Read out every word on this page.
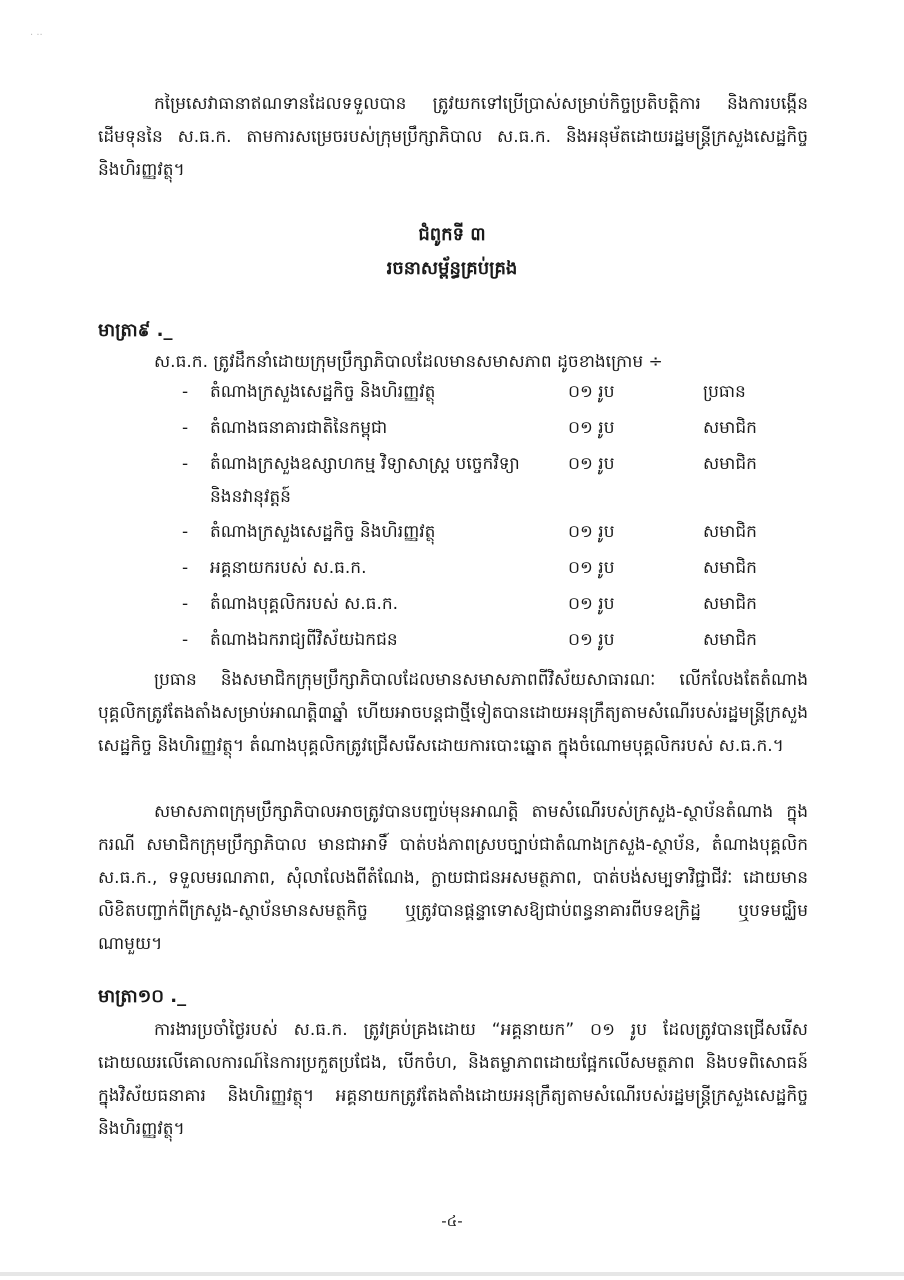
· ··

កម្រៃសេវាធានាឥណទានដែលទទួលបាន ត្រូវយកទៅប្រើប្រាស់សម្រាប់កិច្ចប្រតិបត្តិការ និងការបង្កើនដើមទុននៃ ស.ធ.ក. តាមការសម្រេចរបស់ក្រុមប្រឹក្សាភិបាល ស.ធ.ក. និងអនុម័តដោយរដ្ឋមន្ត្រីក្រសួងសេដ្ឋកិច្ច និងហិរញ្ញវត្ថុ។

ជំពូកទី ៣

រចនាសម្ព័ន្ធគ្រប់គ្រង

មាត្រា៩ ._

ស.ធ.ក. ត្រូវដឹកនាំដោយក្រុមប្រឹក្សាភិបាលដែលមានសមាសភាព ដូចខាងក្រោម ÷

- តំណាងក្រសួងសេដ្ឋកិច្ច និងហិរញ្ញវត្ថុ	០១ រូប	ប្រធាន
- តំណាងធនាគារជាតិនៃកម្ពុជា	០១ រូប	សមាជិក
- តំណាងក្រសួងឧស្សាហកម្ម វិទ្យាសាស្ត្រ បច្ចេកវិទ្យា និងនវានុវត្តន៍
០១ រូប	សមាជិក
- តំណាងក្រសួងសេដ្ឋកិច្ច និងហិរញ្ញវត្ថុ	០១ រូប	សមាជិក
- អគ្គនាយករបស់ ស.ធ.ក.	០១ រូប	សមាជិក
- តំណាងបុគ្គលិករបស់ ស.ធ.ក.	០១ រូប	សមាជិក
- តំណាងឯករាជ្យពីវិស័យឯកជន	០១ រូប	សមាជិក

ប្រធាន និងសមាជិកក្រុមប្រឹក្សាភិបាលដែលមានសមាសភាពពីវិស័យសាធារណៈ លើកលែងតែតំណាងបុគ្គលិកត្រូវតែងតាំងសម្រាប់អាណត្តិ៣ឆ្នាំ ហើយអាចបន្តជាថ្មីទៀតបានដោយអនុក្រឹត្យតាមសំណើរបស់រដ្ឋមន្ត្រីក្រសួងសេដ្ឋកិច្ច និងហិរញ្ញវត្ថុ។ តំណាងបុគ្គលិកត្រូវជ្រើសរើសដោយការបោះឆ្នោត ក្នុងចំណោមបុគ្គលិករបស់ ស.ធ.ក.។

សមាសភាពក្រុមប្រឹក្សាភិបាលអាចត្រូវបានបញ្ចប់មុនអាណត្តិ តាមសំណើរបស់ក្រសួង-ស្ថាប័នតំណាង ក្នុងករណី សមាជិកក្រុមប្រឹក្សាភិបាល មានជាអាទិ៍ បាត់បង់ភាពស្របច្បាប់ជាតំណាងក្រសួង-ស្ថាប័ន, តំណាងបុគ្គលិក ស.ធ.ក., ទទួលមរណភាព, សុំលាលែងពីតំណែង, ក្លាយជាជនអសមត្ថភាព, បាត់បង់សម្បទាវិជ្ជាជីវៈ ដោយមានលិខិតបញ្ជាក់ពីក្រសួង-ស្ថាប័នមានសមត្ថកិច្ច ឬត្រូវបានផ្តន្ទាទោសឱ្យជាប់ពន្ធនាគារពីបទឧក្រិដ្ឋ ឬបទមជ្ឈិមណាមួយ។

មាត្រា១០ ._

ការងារប្រចាំថ្ងៃរបស់ ស.ធ.ក. ត្រូវគ្រប់គ្រងដោយ “អគ្គនាយក” ០១ រូប ដែលត្រូវបានជ្រើសរើសដោយឈរលើគោលការណ៍នៃការប្រកួតប្រជែង, បើកចំហ, និងតម្លាភាពដោយផ្អែកលើសមត្ថភាព និងបទពិសោធន៍ក្នុងវិស័យធនាគារ និងហិរញ្ញវត្ថុ។ អគ្គនាយកត្រូវតែងតាំងដោយអនុក្រឹត្យតាមសំណើរបស់រដ្ឋមន្ត្រីក្រសួងសេដ្ឋកិច្ច និងហិរញ្ញវត្ថុ។

-៤-
